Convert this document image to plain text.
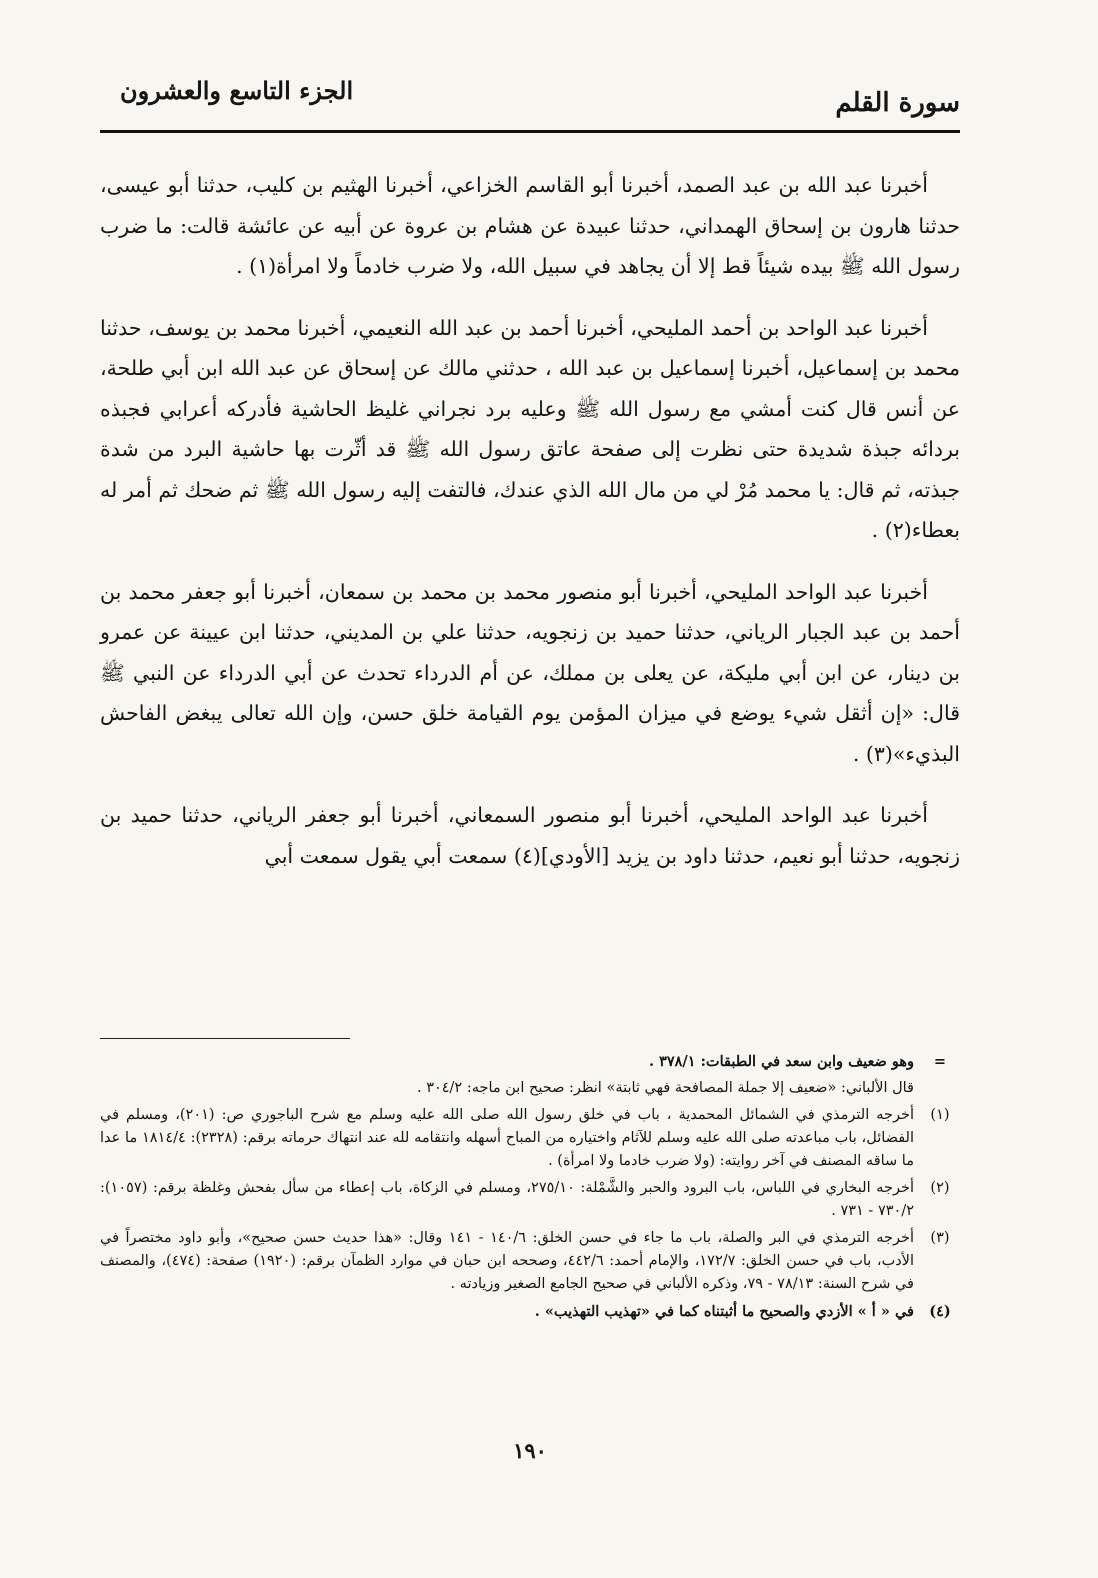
سورة القلم
الجزء التاسع والعشرون

أخبرنا عبد الله بن عبد الصمد، أخبرنا أبو القاسم الخزاعي، أخبرنا الهثيم بن كليب، حدثنا أبو عيسى، حدثنا هارون بن إسحاق الهمداني، حدثنا عبيدة عن هشام بن عروة عن أبيه عن عائشة قالت: ما ضرب رسول الله ﷺ بيده شيئاً قط إلا أن يجاهد في سبيل الله، ولا ضرب خادماً ولا امرأة(١) .

أخبرنا عبد الواحد بن أحمد المليحي، أخبرنا أحمد بن عبد الله النعيمي، أخبرنا محمد بن يوسف، حدثنا محمد بن إسماعيل، أخبرنا إسماعيل بن عبد الله ، حدثني مالك عن إسحاق عن عبد الله ابن أبي طلحة، عن أنس قال كنت أمشي مع رسول الله ﷺ وعليه برد نجراني غليظ الحاشية فأدركه أعرابي فجبذه بردائه جبذة شديدة حتى نظرت إلى صفحة عاتق رسول الله ﷺ قد أثّرت بها حاشية البرد من شدة جبذته، ثم قال: يا محمد مُرْ لي من مال الله الذي عندك، فالتفت إليه رسول الله ﷺ ثم ضحك ثم أمر له بعطاء(٢) .

أخبرنا عبد الواحد المليحي، أخبرنا أبو منصور محمد بن محمد بن سمعان، أخبرنا أبو جعفر محمد بن أحمد بن عبد الجبار الرياني، حدثنا حميد بن زنجويه، حدثنا علي بن المديني، حدثنا ابن عيينة عن عمرو بن دينار، عن ابن أبي مليكة، عن يعلى بن مملك، عن أم الدرداء تحدث عن أبي الدرداء عن النبي ﷺ قال: «إن أثقل شيء يوضع في ميزان المؤمن يوم القيامة خلق حسن، وإن الله تعالى يبغض الفاحش البذيء»(٣) .

أخبرنا عبد الواحد المليحي، أخبرنا أبو منصور السمعاني، أخبرنا أبو جعفر الرياني، حدثنا حميد بن زنجويه، حدثنا أبو نعيم، حدثنا داود بن يزيد [الأودي](٤) سمعت أبي يقول سمعت أبي

=
وهو ضعيف وابن سعد في الطبقات: ٣٧٨/١ .
قال الألباني: «ضعيف إلا جملة المصافحة فهي ثابتة» انظر: صحيح ابن ماجه: ٣٠٤/٢ .
(١)
أخرجه الترمذي في الشمائل المحمدية ، باب في خلق رسول الله صلى الله عليه وسلم مع شرح الباجوري ص: (٢٠١)، ومسلم في الفضائل، باب مباعدته صلى الله عليه وسلم للآثام واختياره من المباح أسهله وانتقامه لله عند انتهاك حرماته برقم: (٢٣٢٨): ١٨١٤/٤ ما عدا ما ساقه المصنف في آخر روايته: (ولا ضرب خادما ولا امرأة) .
(٢)
أخرجه البخاري في اللباس، باب البرود والحبر والشَّمْلة: ٢٧٥/١٠، ومسلم في الزكاة، باب إعطاء من سأل بفحش وغلظة برقم: (١٠٥٧): ٧٣٠/٢ - ٧٣١ .
(٣)
أخرجه الترمذي في البر والصلة، باب ما جاء في حسن الخلق: ١٤٠/٦ - ١٤١ وقال: «هذا حديث حسن صحيح»، وأبو داود مختصراً في الأدب، باب في حسن الخلق: ١٧٢/٧، والإمام أحمد: ٤٤٢/٦، وصححه ابن حبان في موارد الظمآن برقم: (١٩٢٠) صفحة: (٤٧٤)، والمصنف في شرح السنة: ٧٨/١٣ - ٧٩، وذكره الألباني في صحيح الجامع الصغير وزيادته .
(٤)
في « أ » الأزدي والصحيح ما أثبتناه كما في «تهذيب التهذيب» .
١٩٠
